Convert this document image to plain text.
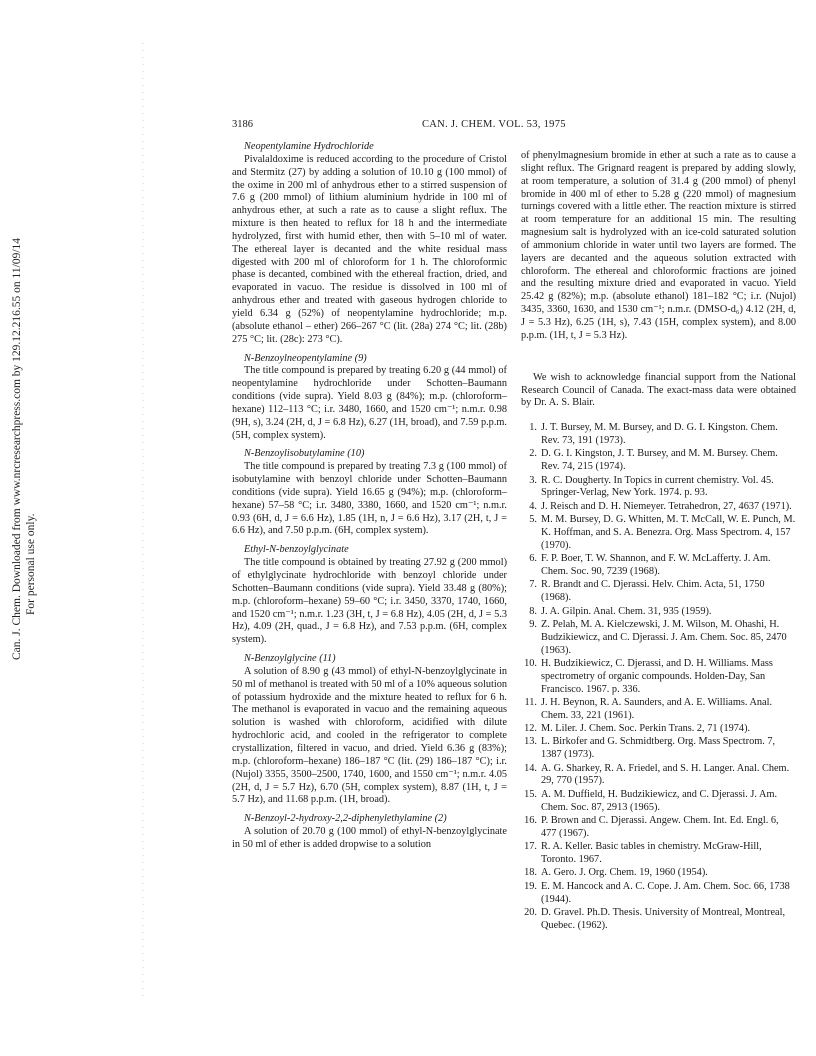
Can. J. Chem. Downloaded from www.nrcresearchpress.com by 129.12.216.55 on 11/09/14 For personal use only.
3186	CAN. J. CHEM. VOL. 53, 1975
Neopentylamine Hydrochloride
Pivalaldoxime is reduced according to the procedure of Cristol and Stermitz (27) by adding a solution of 10.10 g (100 mmol) of the oxime in 200 ml of anhydrous ether to a stirred suspension of 7.6 g (200 mmol) of lithium aluminium hydride in 100 ml of anhydrous ether, at such a rate as to cause a slight reflux. The mixture is then heated to reflux for 18 h and the intermediate hydrolyzed, first with humid ether, then with 5–10 ml of water. The ethereal layer is decanted and the white residual mass digested with 200 ml of chloroform for 1 h. The chloroformic phase is decanted, combined with the ethereal fraction, dried, and evaporated in vacuo. The residue is dissolved in 100 ml of anhydrous ether and treated with gaseous hydrogen chloride to yield 6.34 g (52%) of neopentylamine hydrochloride; m.p. (absolute ethanol – ether) 266–267 °C (lit. (28a) 274 °C; lit. (28b) 275 °C; lit. (28c): 273 °C).
N-Benzoylneopentylamine (9)
The title compound is prepared by treating 6.20 g (44 mmol) of neopentylamine hydrochloride under Schotten–Baumann conditions (vide supra). Yield 8.03 g (84%); m.p. (chloroform–hexane) 112–113 °C; i.r. 3480, 1660, and 1520 cm⁻¹; n.m.r. 0.98 (9H, s), 3.24 (2H, d, J = 6.8 Hz), 6.27 (1H, broad), and 7.59 p.p.m. (5H, complex system).
N-Benzoylisobutylamine (10)
The title compound is prepared by treating 7.3 g (100 mmol) of isobutylamine with benzoyl chloride under Schotten–Baumann conditions (vide supra). Yield 16.65 g (94%); m.p. (chloroform–hexane) 57–58 °C; i.r. 3480, 3380, 1660, and 1520 cm⁻¹; n.m.r. 0.93 (6H, d, J = 6.6 Hz), 1.85 (1H, n, J = 6.6 Hz), 3.17 (2H, t, J = 6.6 Hz), and 7.50 p.p.m. (6H, complex system).
Ethyl-N-benzoylglycinate
The title compound is obtained by treating 27.92 g (200 mmol) of ethylglycinate hydrochloride with benzoyl chloride under Schotten–Baumann conditions (vide supra). Yield 33.48 g (80%); m.p. (chloroform–hexane) 59–60 °C; i.r. 3450, 3370, 1740, 1660, and 1520 cm⁻¹; n.m.r. 1.23 (3H, t, J = 6.8 Hz), 4.05 (2H, d, J = 5.3 Hz), 4.09 (2H, quad., J = 6.8 Hz), and 7.53 p.p.m. (6H, complex system).
N-Benzoylglycine (11)
A solution of 8.90 g (43 mmol) of ethyl-N-benzoylglycinate in 50 ml of methanol is treated with 50 ml of a 10% aqueous solution of potassium hydroxide and the mixture heated to reflux for 6 h. The methanol is evaporated in vacuo and the remaining aqueous solution is washed with chloroform, acidified with dilute hydrochloric acid, and cooled in the refrigerator to complete crystallization, filtered in vacuo, and dried. Yield 6.36 g (83%); m.p. (chloroform–hexane) 186–187 °C (lit. (29) 186–187 °C); i.r. (Nujol) 3355, 3500–2500, 1740, 1600, and 1550 cm⁻¹; n.m.r. 4.05 (2H, d, J = 5.7 Hz), 6.70 (5H, complex system), 8.87 (1H, t, J = 5.7 Hz), and 11.68 p.p.m. (1H, broad).
N-Benzoyl-2-hydroxy-2,2-diphenylethylamine (2)
A solution of 20.70 g (100 mmol) of ethyl-N-benzoylglycinate in 50 ml of ether is added dropwise to a solution
of phenylmagnesium bromide in ether at such a rate as to cause a slight reflux. The Grignard reagent is prepared by adding slowly, at room temperature, a solution of 31.4 g (200 mmol) of phenyl bromide in 400 ml of ether to 5.28 g (220 mmol) of magnesium turnings covered with a little ether. The reaction mixture is stirred at room temperature for an additional 15 min. The resulting magnesium salt is hydrolyzed with an ice-cold saturated solution of ammonium chloride in water until two layers are formed. The layers are decanted and the aqueous solution extracted with chloroform. The ethereal and chloroformic fractions are joined and the resulting mixture dried and evaporated in vacuo. Yield 25.42 g (82%); m.p. (absolute ethanol) 181–182 °C; i.r. (Nujol) 3435, 3360, 1630, and 1530 cm⁻¹; n.m.r. (DMSO-d₆) 4.12 (2H, d, J = 5.3 Hz), 6.25 (1H, s), 7.43 (15H, complex system), and 8.00 p.p.m. (1H, t, J = 5.3 Hz).
We wish to acknowledge financial support from the National Research Council of Canada. The exact-mass data were obtained by Dr. A. S. Blair.
1. J. T. Bursey, M. M. Bursey, and D. G. I. Kingston. Chem. Rev. 73, 191 (1973).
2. D. G. I. Kingston, J. T. Bursey, and M. M. Bursey. Chem. Rev. 74, 215 (1974).
3. R. C. Dougherty. In Topics in current chemistry. Vol. 45. Springer-Verlag, New York. 1974. p. 93.
4. J. Reisch and D. H. Niemeyer. Tetrahedron, 27, 4637 (1971).
5. M. M. Bursey, D. G. Whitten, M. T. McCall, W. E. Punch, M. K. Hoffman, and S. A. Benezra. Org. Mass Spectrom. 4, 157 (1970).
6. F. P. Boer, T. W. Shannon, and F. W. McLafferty. J. Am. Chem. Soc. 90, 7239 (1968).
7. R. Brandt and C. Djerassi. Helv. Chim. Acta, 51, 1750 (1968).
8. J. A. Gilpin. Anal. Chem. 31, 935 (1959).
9. Z. Pelah, M. A. Kielczewski, J. M. Wilson, M. Ohashi, H. Budzikiewicz, and C. Djerassi. J. Am. Chem. Soc. 85, 2470 (1963).
10. H. Budzikiewicz, C. Djerassi, and D. H. Williams. Mass spectrometry of organic compounds. Holden-Day, San Francisco. 1967. p. 336.
11. J. H. Beynon, R. A. Saunders, and A. E. Williams. Anal. Chem. 33, 221 (1961).
12. M. Liler. J. Chem. Soc. Perkin Trans. 2, 71 (1974).
13. L. Birkofer and G. Schmidtberg. Org. Mass Spectrom. 7, 1387 (1973).
14. A. G. Sharkey, R. A. Friedel, and S. H. Langer. Anal. Chem. 29, 770 (1957).
15. A. M. Duffield, H. Budzikiewicz, and C. Djerassi. J. Am. Chem. Soc. 87, 2913 (1965).
16. P. Brown and C. Djerassi. Angew. Chem. Int. Ed. Engl. 6, 477 (1967).
17. R. A. Keller. Basic tables in chemistry. McGraw-Hill, Toronto. 1967.
18. A. Gero. J. Org. Chem. 19, 1960 (1954).
19. E. M. Hancock and A. C. Cope. J. Am. Chem. Soc. 66, 1738 (1944).
20. D. Gravel. Ph.D. Thesis. University of Montreal, Montreal, Quebec. (1962).
